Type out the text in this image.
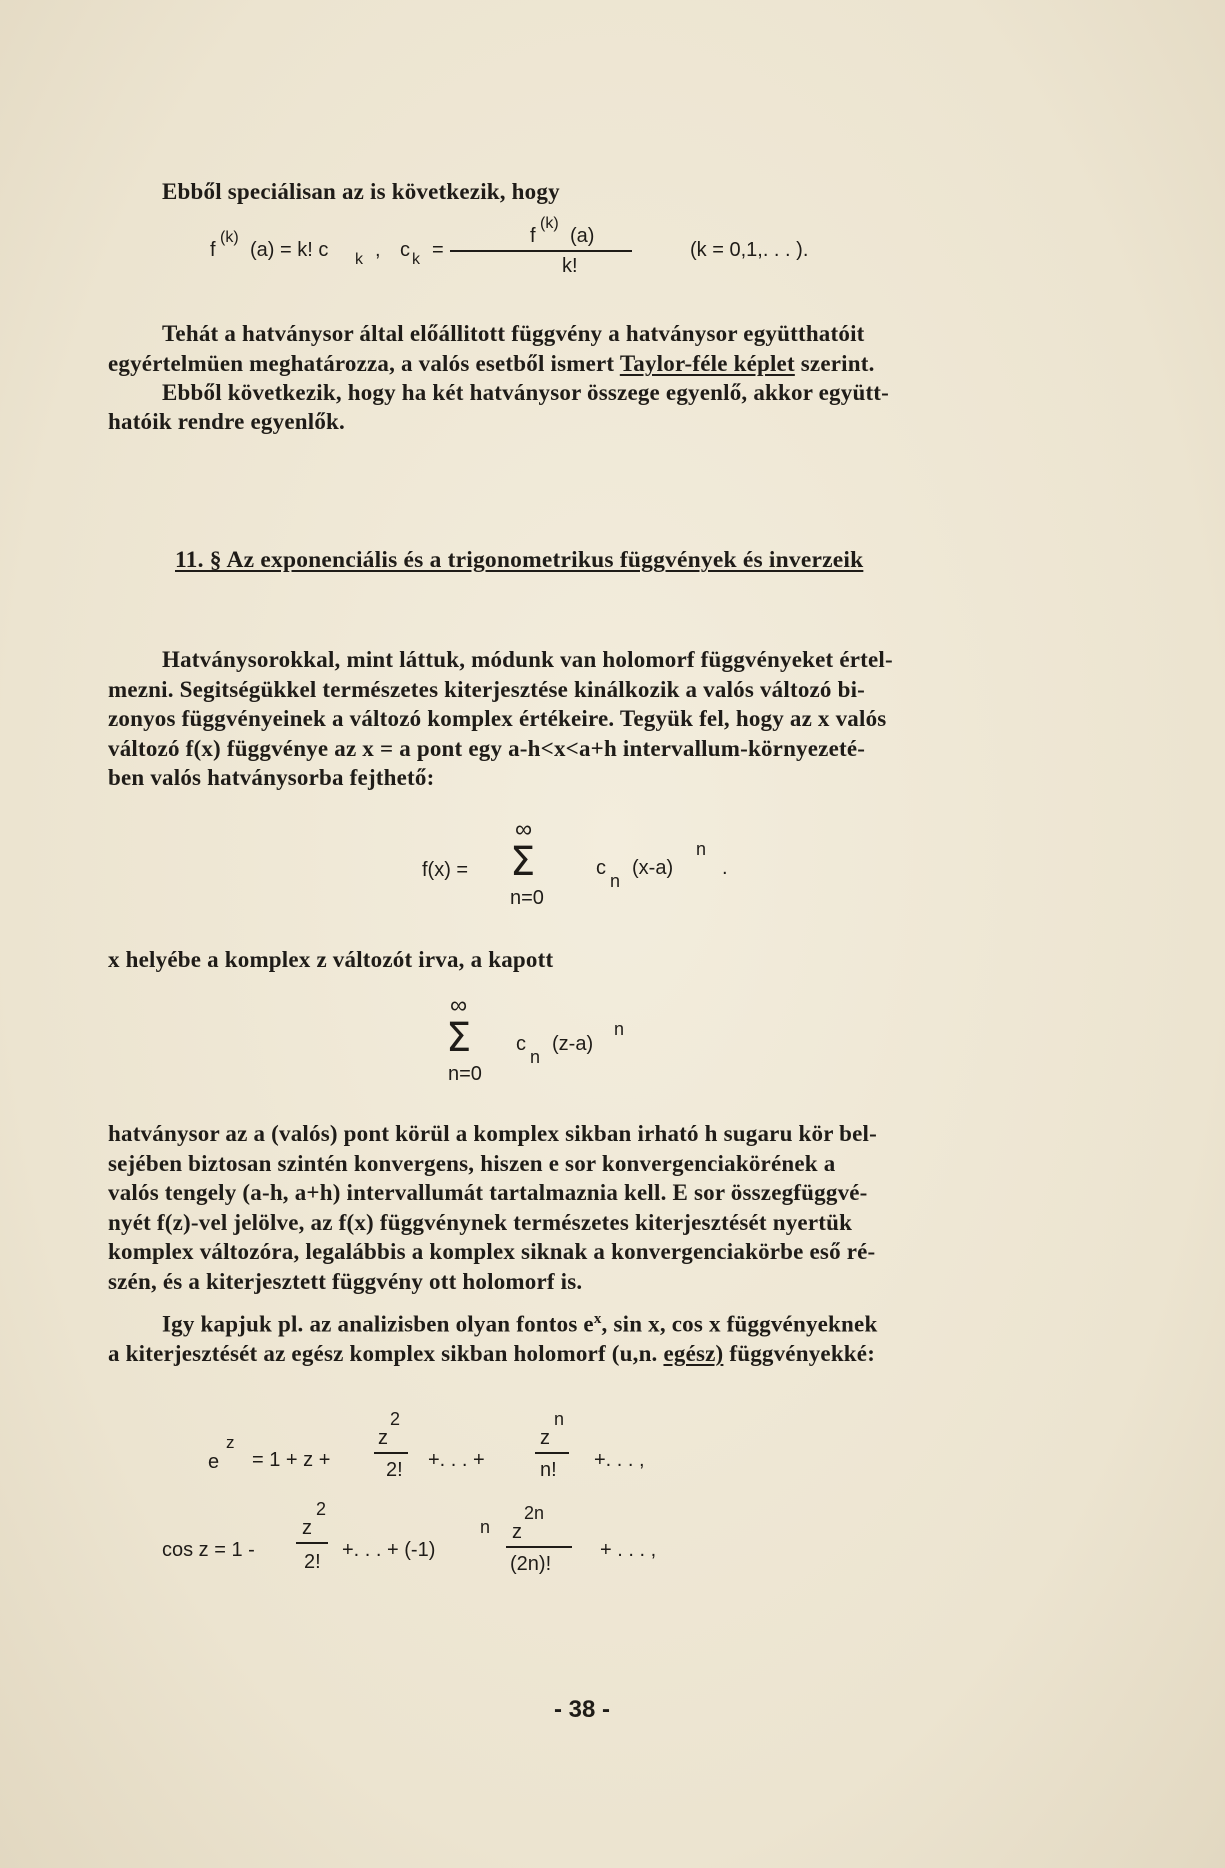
Ebből speciálisan az is következik, hogy
f
(k)
(a) = k! c k , c k =
f
(k)
(a)
k!
(k = 0,1,. . . ).
Tehát a hatványsor által előállitott függvény a hatványsor együtthatóit
egyértelmüen meghatározza, a valós esetből ismert Taylor-féle képlet szerint.
Ebből következik, hogy ha két hatványsor összege egyenlő, akkor együtt-
hatóik rendre egyenlők.
11. § Az exponenciális és a trigonometrikus függvények és inverzeik
Hatványsorokkal, mint láttuk, módunk van holomorf függvényeket értel-
mezni. Segitségükkel természetes kiterjesztése kinálkozik a valós változó bi-
zonyos függvényeinek a változó komplex értékeire. Tegyük fel, hogy az x valós
változó f(x) függvénye az x = a pont egy a-h<x<a+h intervallum-környezeté-
ben valós hatványsorba fejthető:
f(x) =
∞
Σ
n=0
c
n
(x-a)
n
.
x helyébe a komplex z változót irva, a kapott
∞
Σ
n=0
c
n
(z-a)
n
hatványsor az a (valós) pont körül a komplex sikban irható h sugaru kör bel-
sejében biztosan szintén konvergens, hiszen e sor konvergenciakörének a
valós tengely (a-h, a+h) intervallumát tartalmaznia kell. E sor összegfüggvé-
nyét f(z)-vel jelölve, az f(x) függvénynek természetes kiterjesztését nyertük
komplex változóra, legalábbis a komplex siknak a konvergenciakörbe eső ré-
szén, és a kiterjesztett függvény ott holomorf is.
Igy kapjuk pl. az analizisben olyan fontos $e^x$, sin x, cos x függvényeknek
a kiterjesztését az egész komplex sikban holomorf (u,n. egész) függvényekké:
e
z
= 1 + z +
z
2
2! +. . . +
z
n
n! +. . . ,
cos z = 1 -
z
2
2!
+. . . + (-1)
n z
2n
(2n)!
+ . . . ,
- 38 -
